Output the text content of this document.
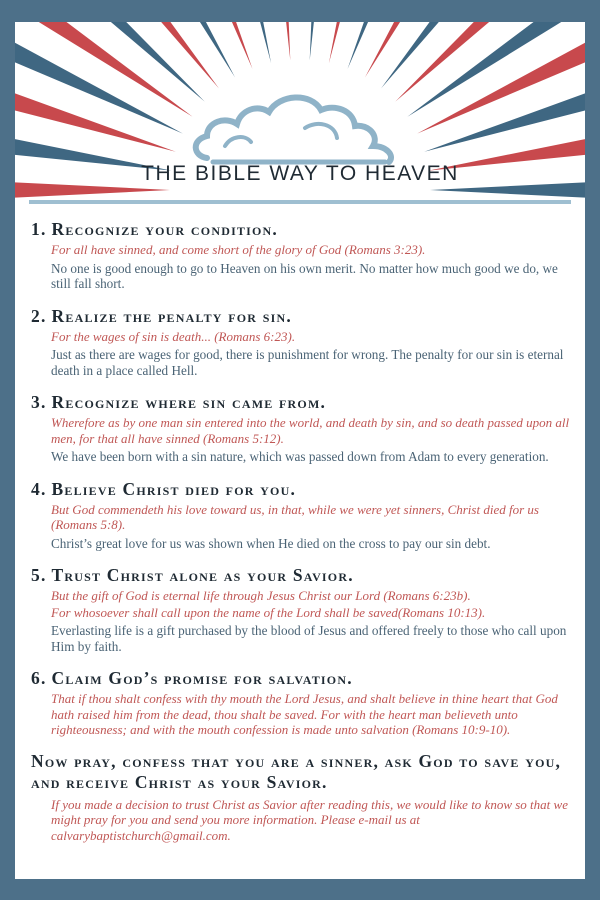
THE BIBLE WAY TO HEAVEN
1. Recognize your condition.
For all have sinned, and come short of the glory of God (Romans 3:23).
No one is good enough to go to Heaven on his own merit. No matter how much good we do, we still fall short.
2. Realize the penalty for sin.
For the wages of sin is death... (Romans 6:23).
Just as there are wages for good, there is punishment for wrong. The penalty for our sin is eternal death in a place called Hell.
3. Recognize where sin came from.
Wherefore as by one man sin entered into the world, and death by sin, and so death passed upon all men, for that all have sinned (Romans 5:12).
We have been born with a sin nature, which was passed down from Adam to every generation.
4. Believe Christ died for you.
But God commendeth his love toward us, in that, while we were yet sinners, Christ died for us (Romans 5:8).
Christ’s great love for us was shown when He died on the cross to pay our sin debt.
5. Trust Christ alone as your Savior.
But the gift of God is eternal life through Jesus Christ our Lord (Romans 6:23b).
For whosoever shall call upon the name of the Lord shall be saved(Romans 10:13).
Everlasting life is a gift purchased by the blood of Jesus and offered freely to those who call upon Him by faith.
6. Claim God’s promise for salvation.
That if thou shalt confess with thy mouth the Lord Jesus, and shalt believe in thine heart that God hath raised him from the dead, thou shalt be saved. For with the heart man believeth unto righteousness; and with the mouth confession is made unto salvation (Romans 10:9-10).
Now pray, confess that you are a sinner, ask God to save you, and receive Christ as your Savior.
If you made a decision to trust Christ as Savior after reading this, we would like to know so that we might pray for you and send you more information. Please e-mail us at calvarybaptistchurch@gmail.com.
